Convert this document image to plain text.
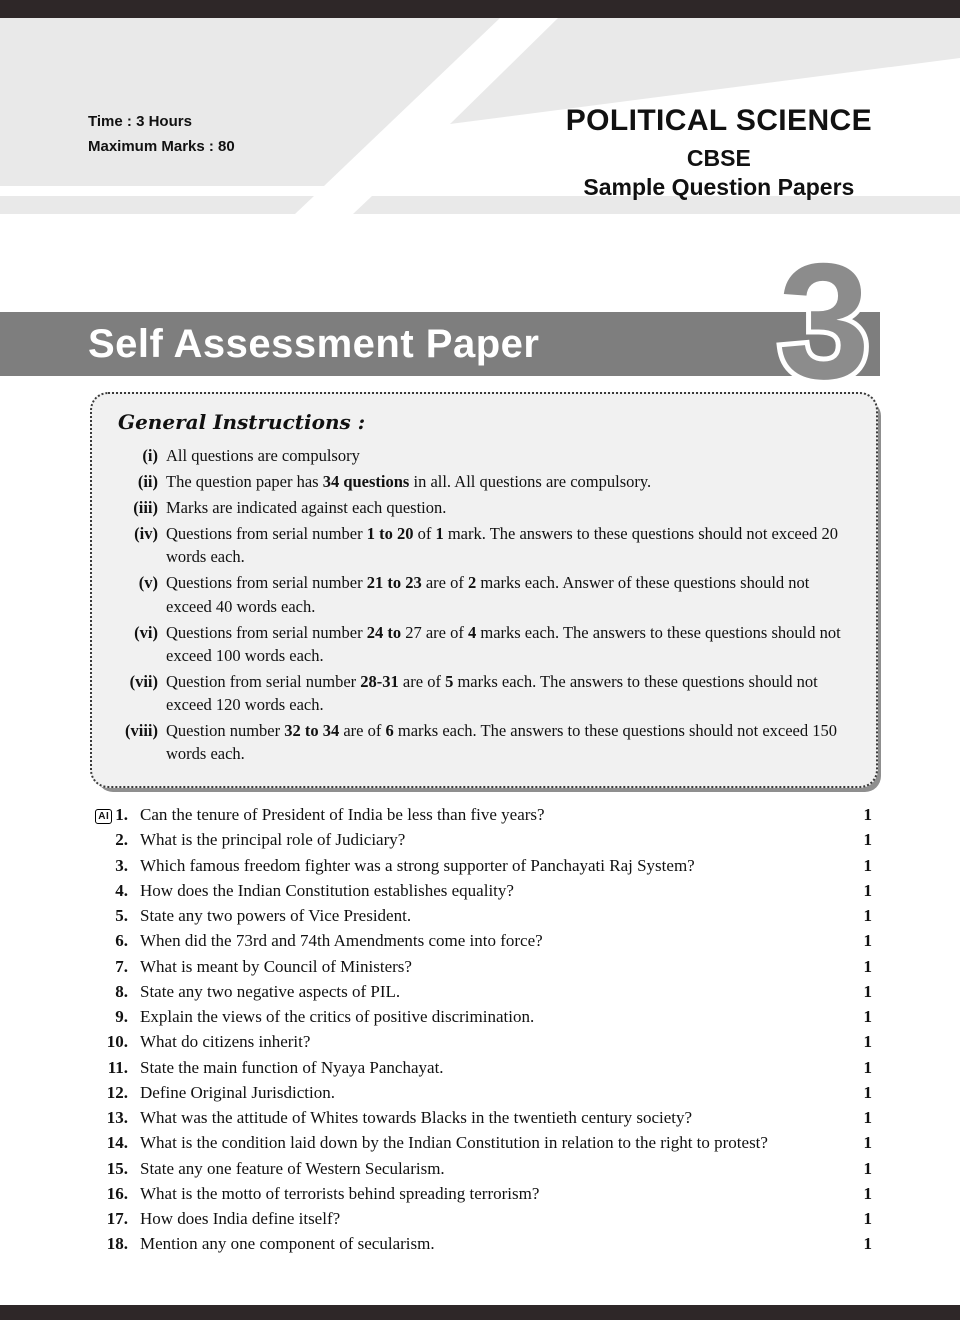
Time : 3 Hours
Maximum Marks : 80
POLITICAL SCIENCE
CBSE
Sample Question Papers
Self Assessment Paper 3
General Instructions :
(i) All questions are compulsory
(ii) The question paper has 34 questions in all. All questions are compulsory.
(iii) Marks are indicated against each question.
(iv) Questions from serial number 1 to 20 of 1 mark. The answers to these questions should not exceed 20 words each.
(v) Questions from serial number 21 to 23 are of 2 marks each. Answer of these questions should not exceed 40 words each.
(vi) Questions from serial number 24 to 27 are of 4 marks each. The answers to these questions should not exceed 100 words each.
(vii) Question from serial number 28-31 are of 5 marks each. The answers to these questions should not exceed 120 words each.
(viii) Question number 32 to 34 are of 6 marks each. The answers to these questions should not exceed 150 words each.
AI 1. Can the tenure of President of India be less than five years?	1
2. What is the principal role of Judiciary?	1
3. Which famous freedom fighter was a strong supporter of Panchayati Raj System?	1
4. How does the Indian Constitution establishes equality?	1
5. State any two powers of Vice President.	1
6. When did the 73rd and 74th Amendments come into force?	1
7. What is meant by Council of Ministers?	1
8. State any two negative aspects of PIL.	1
9. Explain the views of the critics of positive discrimination.	1
10. What do citizens inherit?	1
11. State the main function of Nyaya Panchayat.	1
12. Define Original Jurisdiction.	1
13. What was the attitude of Whites towards Blacks in the twentieth century society?	1
14. What is the condition laid down by the Indian Constitution in relation to the right to protest?	1
15. State any one feature of Western Secularism.	1
16. What is the motto of terrorists behind spreading terrorism?	1
17. How does India define itself?	1
18. Mention any one component of secularism.	1
